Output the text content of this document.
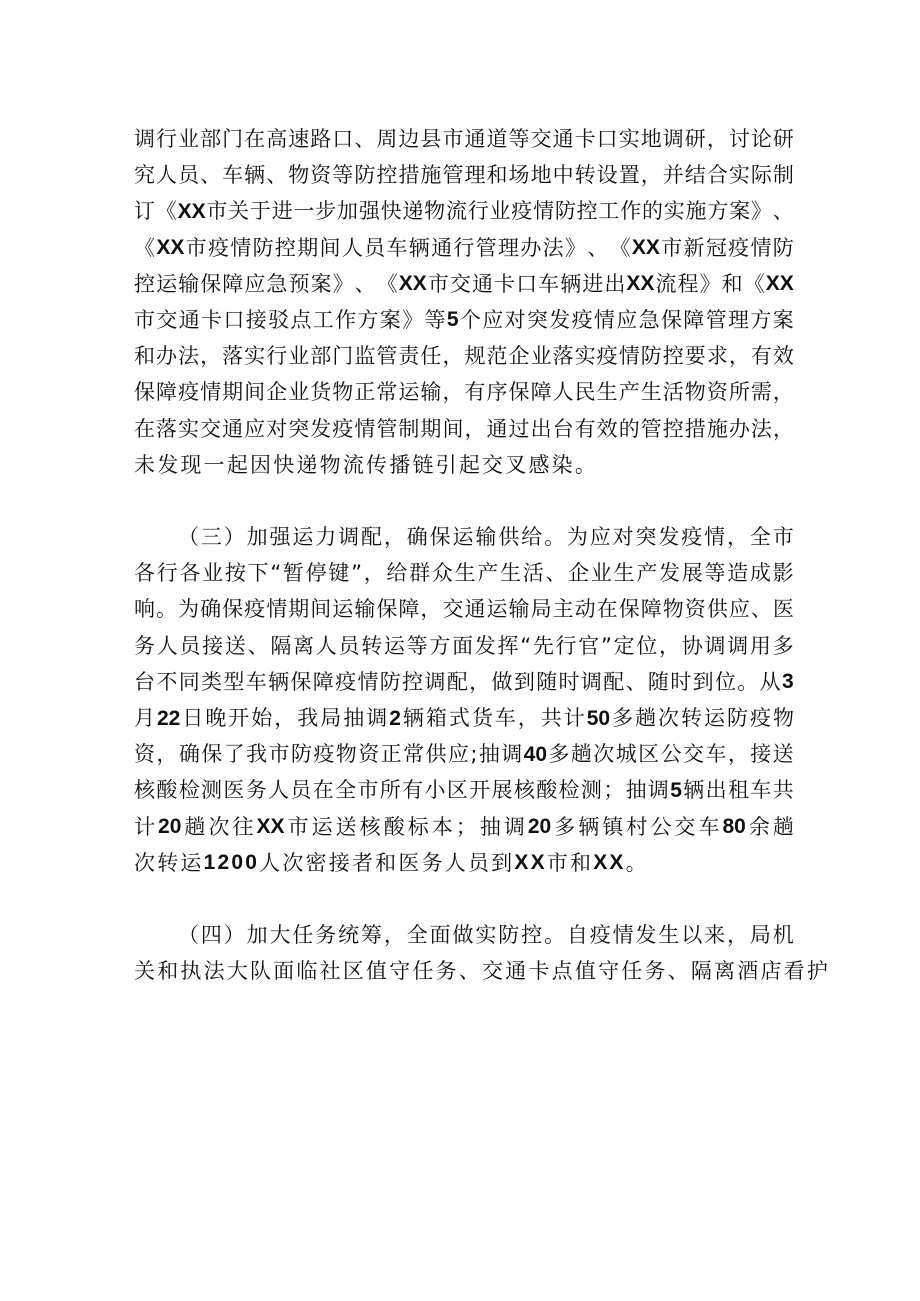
调 行 业 部 门 在 高 速 路 口 、 周 边 县 市 通 道 等 交 通 卡 口 实 地 调 研 ， 讨 论 研
究 人 员 、 车 辆 、 物 资 等 防 控 措 施 管 理 和 场 地 中 转 设 置 ， 并 结 合 实 际 制
订 《 XX 市 关 于 进 一 步 加 强 快 递 物 流 行 业 疫 情 防 控 工 作 的 实 施 方 案 》 、
《 XX 市 疫 情 防 控 期 间 人 员 车 辆 通 行 管 理 办 法 》 、 《 XX 市 新 冠 疫 情 防
控 运 输 保 障 应 急 预 案 》 、 《 XX 市 交 通 卡 口 车 辆 进 出 XX 流 程 》 和 《 XX
市 交 通 卡 口 接 驳 点 工 作 方 案 》 等 5 个 应 对 突 发 疫 情 应 急 保 障 管 理 方 案
和 办 法 ， 落 实 行 业 部 门 监 管 责 任 ， 规 范 企 业 落 实 疫 情 防 控 要 求 ， 有 效
保 障 疫 情 期 间 企 业 货 物 正 常 运 输 ， 有 序 保 障 人 民 生 产 生 活 物 资 所 需 ，
在 落 实 交 通 应 对 突 发 疫 情 管 制 期 间 ， 通 过 出 台 有 效 的 管 控 措 施 办 法 ，
未 发 现 一 起 因 快 递 物 流 传 播 链 引 起 交 叉 感 染 。
（ 三 ） 加 强 运 力 调 配 ， 确 保 运 输 供 给 。 为 应 对 突 发 疫 情 ， 全 市
各 行 各 业 按 下 “ 暂 停 键 ” ， 给 群 众 生 产 生 活 、 企 业 生 产 发 展 等 造 成 影
响 。 为 确 保 疫 情 期 间 运 输 保 障 ， 交 通 运 输 局 主 动 在 保 障 物 资 供 应 、 医
务 人 员 接 送 、 隔 离 人 员 转 运 等 方 面 发 挥 “ 先 行 官 ” 定 位 ， 协 调 调 用 多
台 不 同 类 型 车 辆 保 障 疫 情 防 控 调 配 ， 做 到 随 时 调 配 、 随 时 到 位 。 从 3
月 22 日 晚 开 始 ， 我 局 抽 调 2 辆 箱 式 货 车 ， 共 计 50 多 趟 次 转 运 防 疫 物
资 ， 确 保 了 我 市 防 疫 物 资 正 常 供 应 ; 抽 调 40 多 趟 次 城 区 公 交 车 ， 接 送
核 酸 检 测 医 务 人 员 在 全 市 所 有 小 区 开 展 核 酸 检 测 ； 抽 调 5 辆 出 租 车 共
计 20 趟 次 往 XX 市 运 送 核 酸 标 本 ； 抽 调 20 多 辆 镇 村 公 交 车 80 余 趟
次 转 运 1200 人 次 密 接 者 和 医 务 人 员 到 XX 市 和 XX 。
（ 四 ） 加 大 任 务 统 筹 ， 全 面 做 实 防 控 。 自 疫 情 发 生 以 来 ， 局 机
关 和 执 法 大 队 面 临 社 区 值 守 任 务 、 交 通 卡 点 值 守 任 务 、 隔 离 酒 店 看 护
